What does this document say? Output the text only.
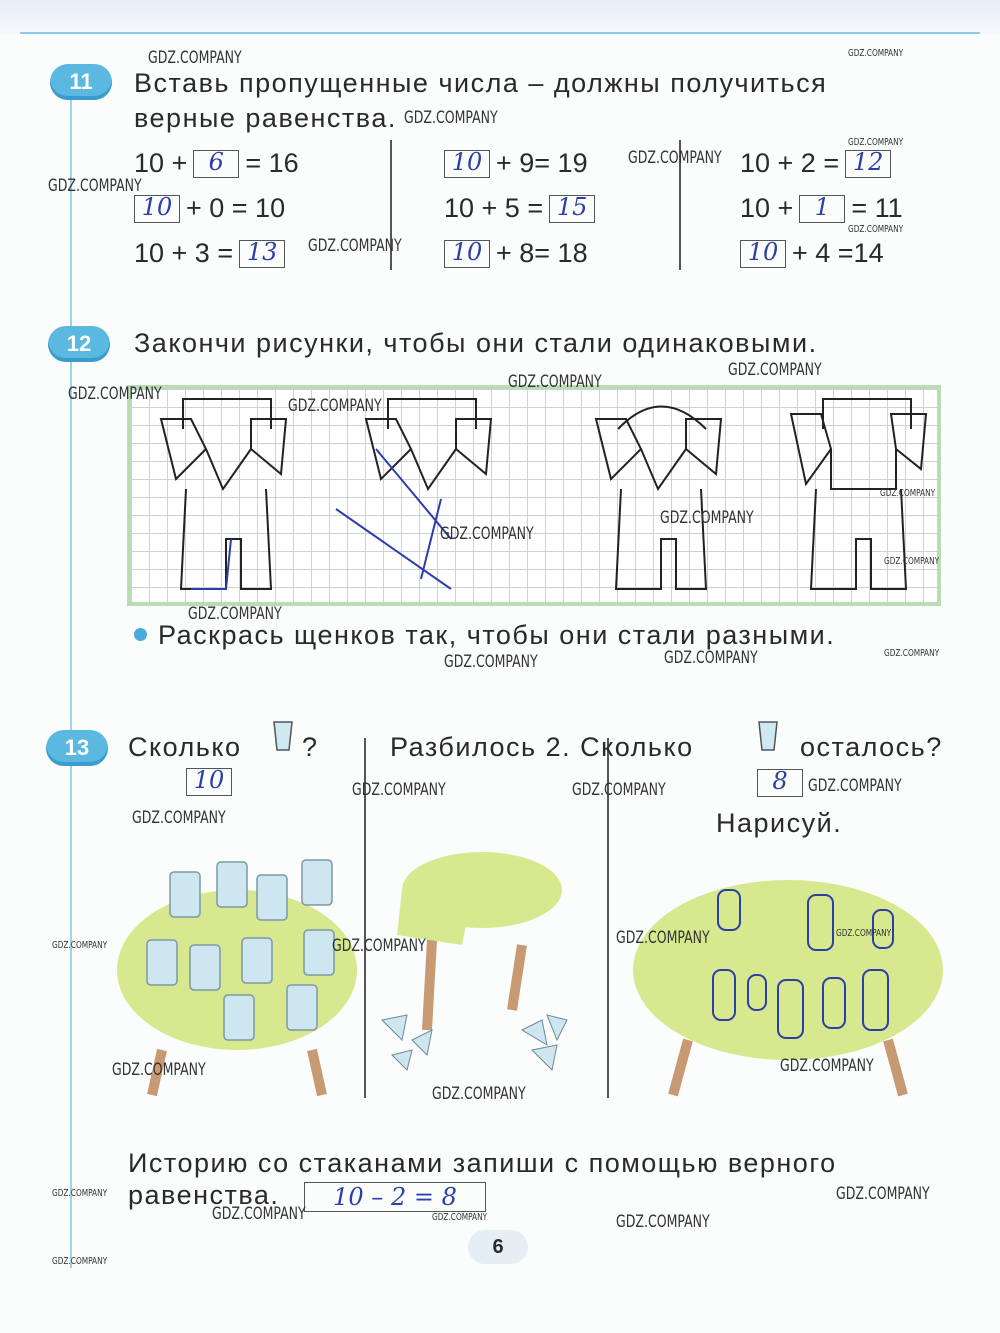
11	Вставь пропущенные числа – должны получиться
верные равенства.
10 + 6 = 16
10 + 0 = 10
10 + 3 = 13
10 + 9= 19
10 + 5 = 15
10 + 8= 18
10 + 2 = 12
10 + 1 = 11
10 + 4 =14
12	Закончи рисунки, чтобы они стали одинаковыми.
Раскрась щенков так, чтобы они стали разными.
13	Сколько ?
10
Разбилось 2. Сколько	осталось?
8
Нарисуй.
Историю со стаканами запиши с помощью верного
равенства.	10 – 2 = 8
6
GDZ.COMPANY
GDZ.COMPANY
GDZ.COMPANY
GDZ.COMPANY
GDZ.COMPANY
GDZ.COMPANY
GDZ.COMPANY
GDZ.COMPANY
GDZ.COMPANY
GDZ.COMPANY
GDZ.COMPANY
GDZ.COMPANY
GDZ.COMPANY
GDZ.COMPANY
GDZ.COMPANY
GDZ.COMPANY
GDZ.COMPANY
GDZ.COMPANY
GDZ.COMPANY
GDZ.COMPANY
GDZ.COMPANY
GDZ.COMPANY	GDZ.COMPANY
GDZ.COMPANY
GDZ.COMPANY
GDZ.COMPANY
GDZ.COMPANY	GDZ.COMPANY
GDZ.COMPANY
GDZ.COMPANY
GDZ.COMPANY
GDZ.COMPANY
GDZ.COMPANY
GDZ.COMPANY	GDZ.COMPANY	GDZ.COMPANY
GDZ.COMPANY
